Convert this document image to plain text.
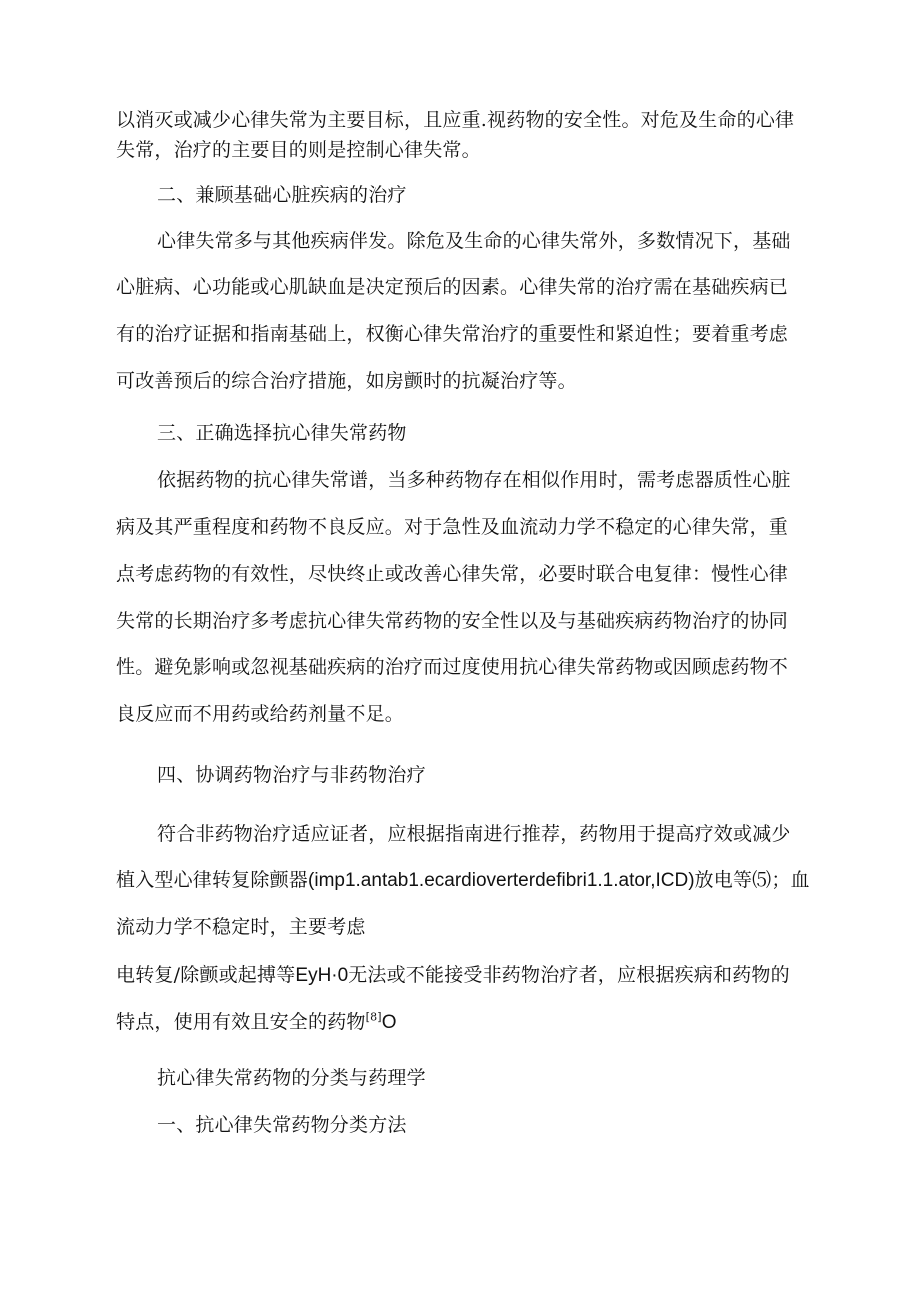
以消灭或减少心律失常为主要目标，且应重.视药物的安全性。对危及生命的心律
失常，治疗的主要目的则是控制心律失常。
二、兼顾基础心脏疾病的治疗
心律失常多与其他疾病伴发。除危及生命的心律失常外，多数情况下，基础
心脏病、心功能或心肌缺血是决定预后的因素。心律失常的治疗需在基础疾病已
有的治疗证据和指南基础上，权衡心律失常治疗的重要性和紧迫性；要着重考虑
可改善预后的综合治疗措施，如房颤时的抗凝治疗等。
三、正确选择抗心律失常药物
依据药物的抗心律失常谱，当多种药物存在相似作用时，需考虑器质性心脏
病及其严重程度和药物不良反应。对于急性及血流动力学不稳定的心律失常，重
点考虑药物的有效性，尽快终止或改善心律失常，必要时联合电复律：慢性心律
失常的长期治疗多考虑抗心律失常药物的安全性以及与基础疾病药物治疗的协同
性。避免影响或忽视基础疾病的治疗而过度使用抗心律失常药物或因顾虑药物不
良反应而不用药或给药剂量不足。
四、协调药物治疗与非药物治疗
符合非药物治疗适应证者，应根据指南进行推荐，药物用于提高疗效或减少
植入型心律转复除颤器(imp1.antab1.ecardioverterdefibri1.1.ator,ICD)放电等⑸；血
流动力学不稳定时，主要考虑
电转复/除颤或起搏等EyH·0无法或不能接受非药物治疗者，应根据疾病和药物的
特点，使用有效且安全的药物[8]O
抗心律失常药物的分类与药理学
一、抗心律失常药物分类方法
